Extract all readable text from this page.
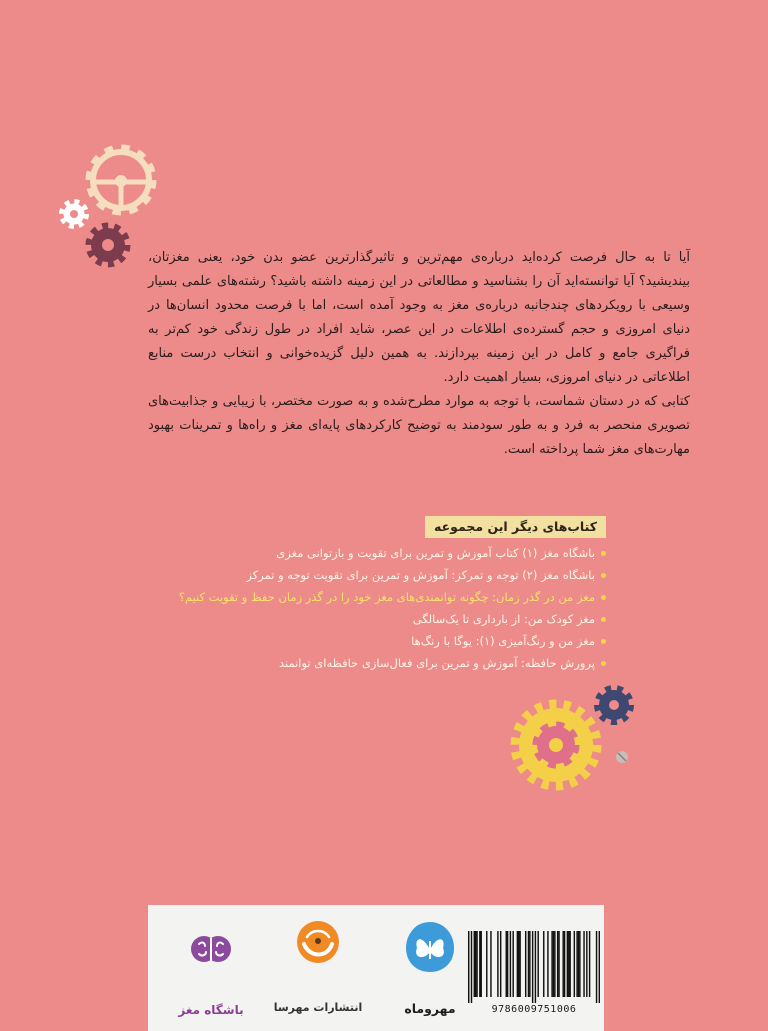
آیا تا به حال فرصت کرده‌اید درباره‌ی مهم‌ترین و تاثیرگذارترین عضو بدن خود، یعنی مغزتان، بیندیشید؟ آیا توانسته‌اید آن را بشناسید و مطالعاتی در این زمینه داشته باشید؟ رشته‌های علمی بسیار وسیعی با رویکردهای چندجانبه درباره‌ی مغز به وجود آمده است، اما با فرصت محدود انسان‌ها در دنیای امروزی و حجم گسترده‌ی اطلاعات در این عصر، شاید افراد در طول زندگی خود کم‌تر به فراگیری جامع و کامل در این زمینه بپردازند. به همین دلیل گزیده‌خوانی و انتخاب درست منابع اطلاعاتی در دنیای امروزی، بسیار اهمیت دارد.

کتابی که در دستان شماست، با توجه به موارد مطرح‌شده و به صورت مختصر، با زیبایی و جذابیت‌های تصویری منحصر به فرد و به طور سودمند به توضیح کارکردهای پایه‌ای مغز و راه‌ها و تمرینات بهبود مهارت‌های مغز شما پرداخته است.

کتاب‌های دیگر این مجموعه
باشگاه مغز (۱) کتاب آموزش و تمرین برای تقویت و بازتوانی مغزی
باشگاه مغز (۲) توجه و تمرکز: آموزش و تمرین برای تقویت توجه و تمرکز
مغز من در گذر زمان: چگونه توانمندی‌های مغز خود را در گذر زمان حفظ و تقویت کنیم؟
مغز کودک من: از بارداری تا یک‌سالگی
مغز من و رنگ‌آمیزی (۱): یوگا با رنگ‌ها
پرورش حافظه: آموزش و تمرین برای فعال‌سازی حافظه‌ای توانمند
9786009751006
مهروماه
انتشارات مهرسا
باشگاه مغز
